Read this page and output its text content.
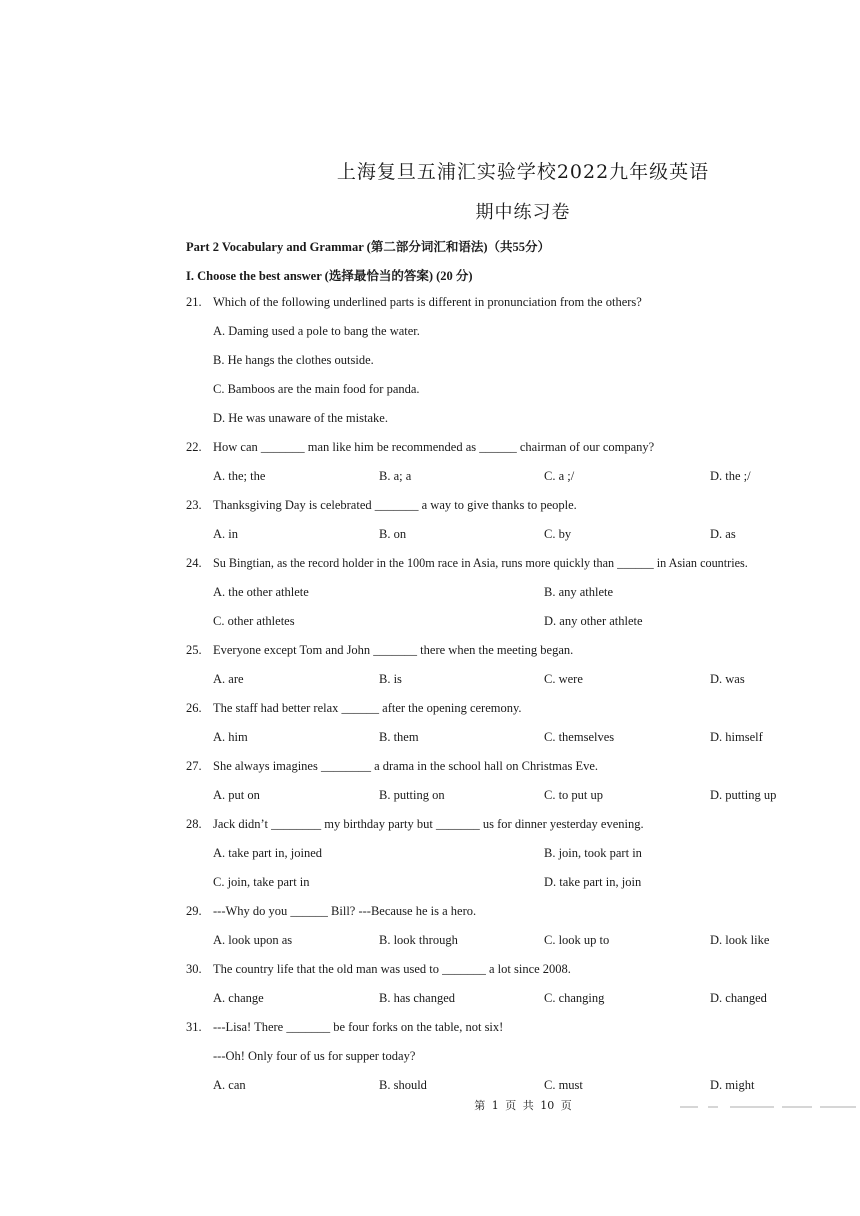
上海复旦五浦汇实验学校2022九年级英语
期中练习卷
Part 2 Vocabulary and Grammar (第二部分词汇和语法)（共55分）
I. Choose the best answer (选择最恰当的答案) (20 分)
21. Which of the following underlined parts is different in pronunciation from the others?
A. Daming used a pole to bang the water.
B. He hangs the clothes outside.
C. Bamboos are the main food for panda.
D. He was unaware of the mistake.
22. How can _______ man like him be recommended as ______ chairman of our company?
A. the; the	B. a; a	C. a ;/	D. the ;/
23. Thanksgiving Day is celebrated _______ a way to give thanks to people.
A. in	B. on	C. by	D. as
24. Su Bingtian, as the record holder in the 100m race in Asia, runs more quickly than ______ in Asian countries.
A. the other athlete	B. any athlete
C. other athletes	D. any other athlete
25. Everyone except Tom and John _______ there when the meeting began.
A. are	B. is	C. were	D. was
26. The staff had better relax ______ after the opening ceremony.
A. him	B. them	C. themselves	D. himself
27. She always imagines ________ a drama in the school hall on Christmas Eve.
A. put on	B. putting on	C. to put up	D. putting up
28. Jack didn’t ________ my birthday party but _______ us for dinner yesterday evening.
A. take part in, joined	B. join, took part in
C. join, take part in	D. take part in, join
29. ---Why do you ______ Bill? ---Because he is a hero.
A. look upon as	B. look through	C. look up to	D. look like
30. The country life that the old man was used to _______ a lot since 2008.
A. change	B. has changed	C. changing	D. changed
31. ---Lisa! There _______ be four forks on the table, not six!
---Oh! Only four of us for supper today?
A. can	B. should	C. must	D. might
第 1 页 共 10 页
